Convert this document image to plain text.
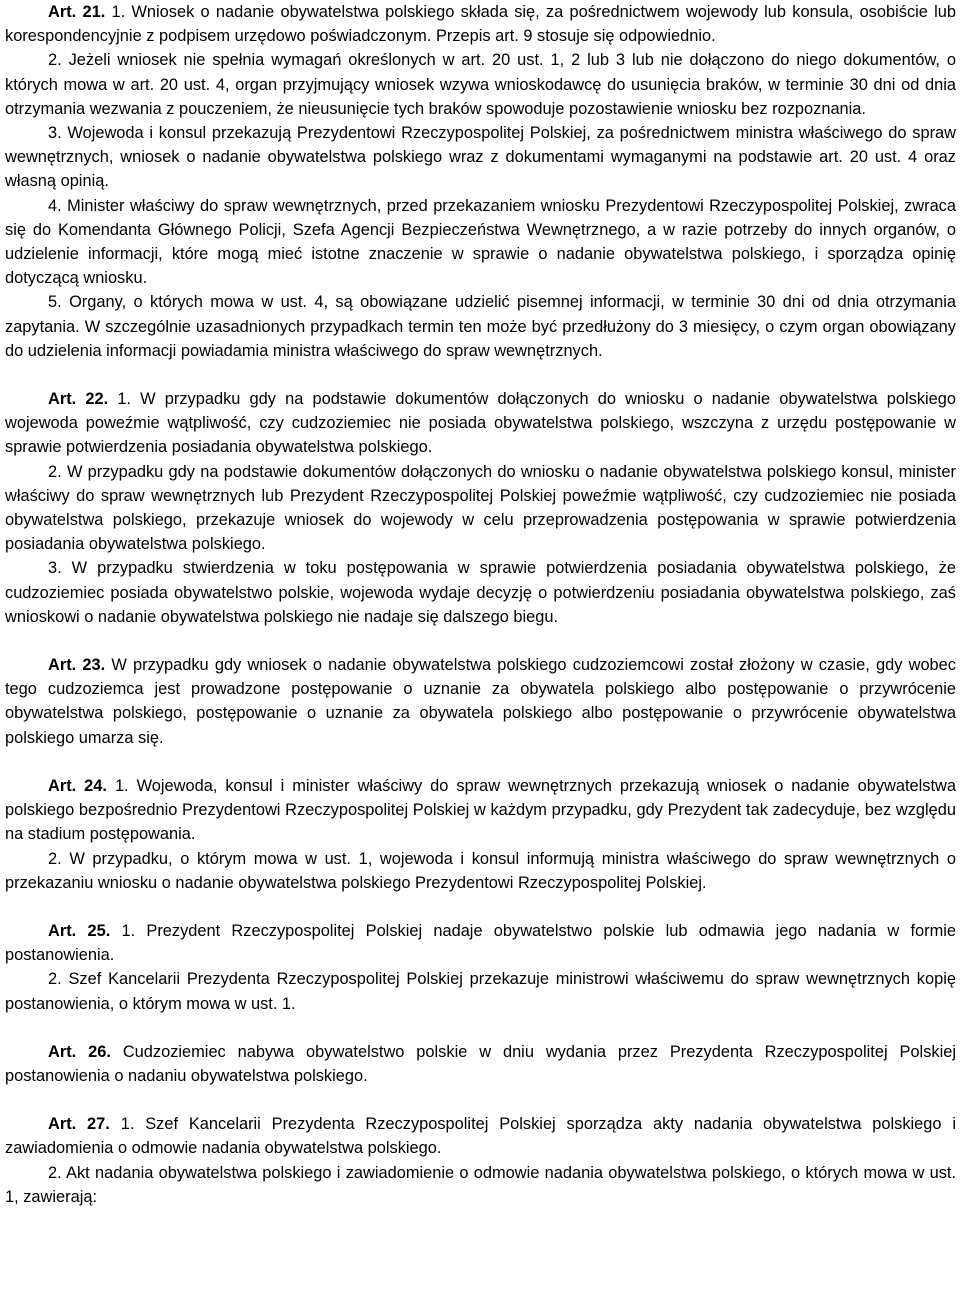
Art. 21. 1. Wniosek o nadanie obywatelstwa polskiego składa się, za pośrednictwem wojewody lub konsula, osobiście lub korespondencyjnie z podpisem urzędowo poświadczonym. Przepis art. 9 stosuje się odpowiednio.

2. Jeżeli wniosek nie spełnia wymagań określonych w art. 20 ust. 1, 2 lub 3 lub nie dołączono do niego dokumentów, o których mowa w art. 20 ust. 4, organ przyjmujący wniosek wzywa wnioskodawcę do usunięcia braków, w terminie 30 dni od dnia otrzymania wezwania z pouczeniem, że nieusunięcie tych braków spowoduje pozostawienie wniosku bez rozpoznania.

3. Wojewoda i konsul przekazują Prezydentowi Rzeczypospolitej Polskiej, za pośrednictwem ministra właściwego do spraw wewnętrznych, wniosek o nadanie obywatelstwa polskiego wraz z dokumentami wymaganymi na podstawie art. 20 ust. 4 oraz własną opinią.

4. Minister właściwy do spraw wewnętrznych, przed przekazaniem wniosku Prezydentowi Rzeczypospolitej Polskiej, zwraca się do Komendanta Głównego Policji, Szefa Agencji Bezpieczeństwa Wewnętrznego, a w razie potrzeby do innych organów, o udzielenie informacji, które mogą mieć istotne znaczenie w sprawie o nadanie obywatelstwa polskiego, i sporządza opinię dotyczącą wniosku.

5. Organy, o których mowa w ust. 4, są obowiązane udzielić pisemnej informacji, w terminie 30 dni od dnia otrzymania zapytania. W szczególnie uzasadnionych przypadkach termin ten może być przedłużony do 3 miesięcy, o czym organ obowiązany do udzielenia informacji powiadamia ministra właściwego do spraw wewnętrznych.

Art. 22. 1. W przypadku gdy na podstawie dokumentów dołączonych do wniosku o nadanie obywatelstwa polskiego wojewoda poweźmie wątpliwość, czy cudzoziemiec nie posiada obywatelstwa polskiego, wszczyna z urzędu postępowanie w sprawie potwierdzenia posiadania obywatelstwa polskiego.

2. W przypadku gdy na podstawie dokumentów dołączonych do wniosku o nadanie obywatelstwa polskiego konsul, minister właściwy do spraw wewnętrznych lub Prezydent Rzeczypospolitej Polskiej poweźmie wątpliwość, czy cudzoziemiec nie posiada obywatelstwa polskiego, przekazuje wniosek do wojewody w celu przeprowadzenia postępowania w sprawie potwierdzenia posiadania obywatelstwa polskiego.

3. W przypadku stwierdzenia w toku postępowania w sprawie potwierdzenia posiadania obywatelstwa polskiego, że cudzoziemiec posiada obywatelstwo polskie, wojewoda wydaje decyzję o potwierdzeniu posiadania obywatelstwa polskiego, zaś wnioskowi o nadanie obywatelstwa polskiego nie nadaje się dalszego biegu.

Art. 23. W przypadku gdy wniosek o nadanie obywatelstwa polskiego cudzoziemcowi został złożony w czasie, gdy wobec tego cudzoziemca jest prowadzone postępowanie o uznanie za obywatela polskiego albo postępowanie o przywrócenie obywatelstwa polskiego, postępowanie o uznanie za obywatela polskiego albo postępowanie o przywrócenie obywatelstwa polskiego umarza się.

Art. 24. 1. Wojewoda, konsul i minister właściwy do spraw wewnętrznych przekazują wniosek o nadanie obywatelstwa polskiego bezpośrednio Prezydentowi Rzeczypospolitej Polskiej w każdym przypadku, gdy Prezydent tak zadecyduje, bez względu na stadium postępowania.

2. W przypadku, o którym mowa w ust. 1, wojewoda i konsul informują ministra właściwego do spraw wewnętrznych o przekazaniu wniosku o nadanie obywatelstwa polskiego Prezydentowi Rzeczypospolitej Polskiej.

Art. 25. 1. Prezydent Rzeczypospolitej Polskiej nadaje obywatelstwo polskie lub odmawia jego nadania w formie postanowienia.

2. Szef Kancelarii Prezydenta Rzeczypospolitej Polskiej przekazuje ministrowi właściwemu do spraw wewnętrznych kopię postanowienia, o którym mowa w ust. 1.

Art. 26. Cudzoziemiec nabywa obywatelstwo polskie w dniu wydania przez Prezydenta Rzeczypospolitej Polskiej postanowienia o nadaniu obywatelstwa polskiego.

Art. 27. 1. Szef Kancelarii Prezydenta Rzeczypospolitej Polskiej sporządza akty nadania obywatelstwa polskiego i zawiadomienia o odmowie nadania obywatelstwa polskiego.

2. Akt nadania obywatelstwa polskiego i zawiadomienie o odmowie nadania obywatelstwa polskiego, o których mowa w ust. 1, zawierają:
